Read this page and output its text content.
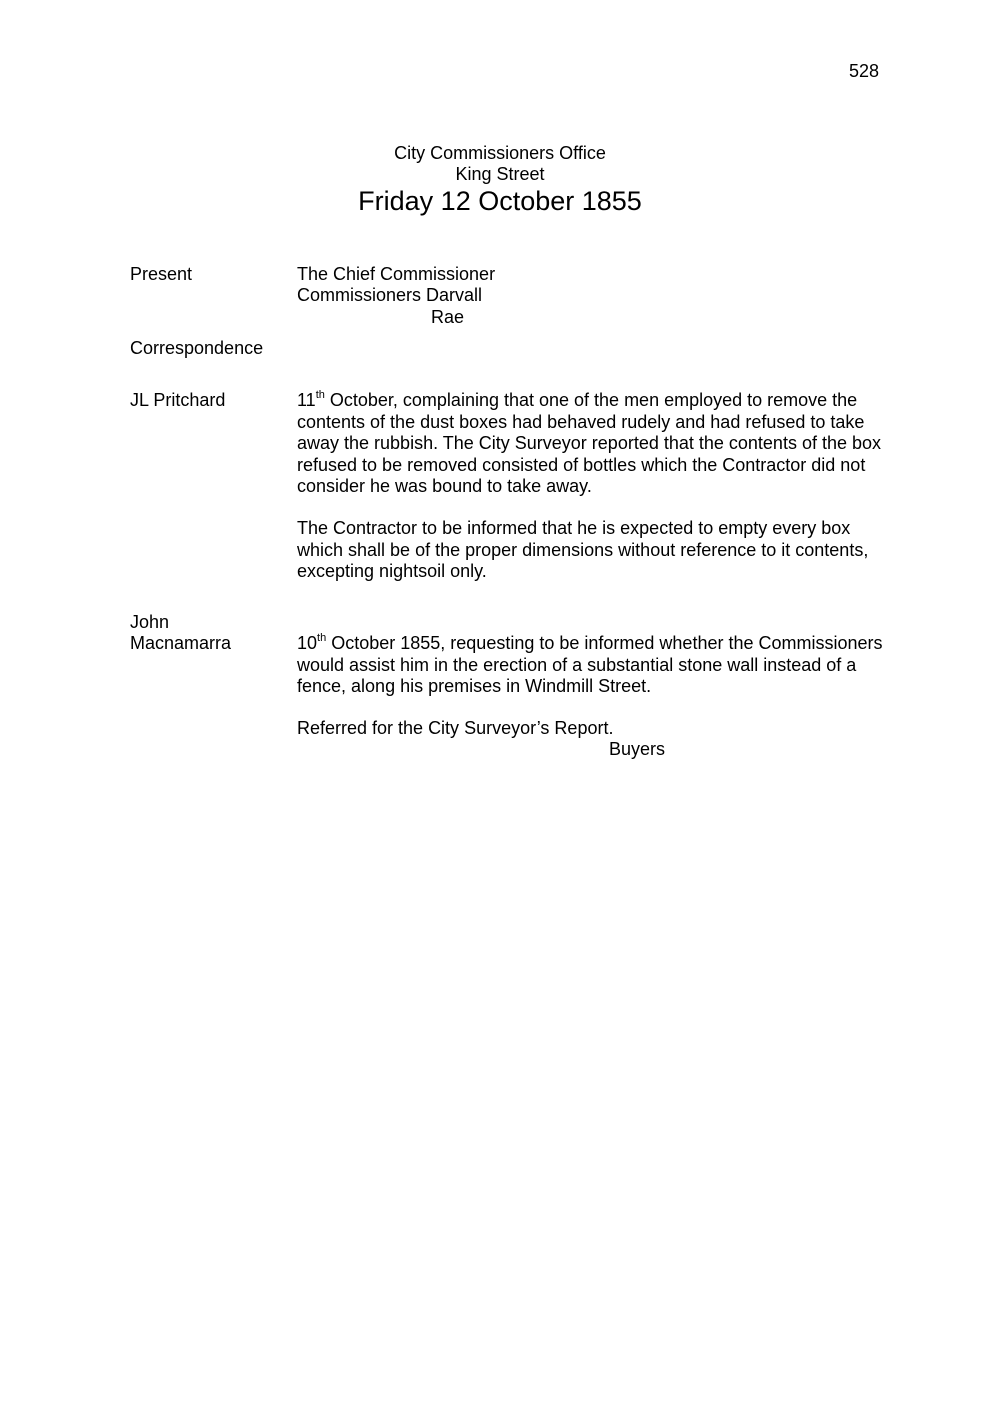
528
City Commissioners Office
King Street
Friday 12 October 1855
Present	The Chief Commissioner
Commissioners Darvall
Rae
Correspondence
JL Pritchard	11th October, complaining that one of the men employed to remove the
contents of the dust boxes had behaved rudely and had refused to take
away the rubbish. The City Surveyor reported that the contents of the box
refused to be removed consisted of bottles which the Contractor did not
consider he was bound to take away.
The Contractor to be informed that he is expected to empty every box
which shall be of the proper dimensions without reference to it contents,
excepting nightsoil only.
John
Macnamarra	10th October 1855, requesting to be informed whether the Commissioners
would assist him in the erection of a substantial stone wall instead of a
fence, along his premises in Windmill Street.
Referred for the City Surveyor’s Report.
Buyers
